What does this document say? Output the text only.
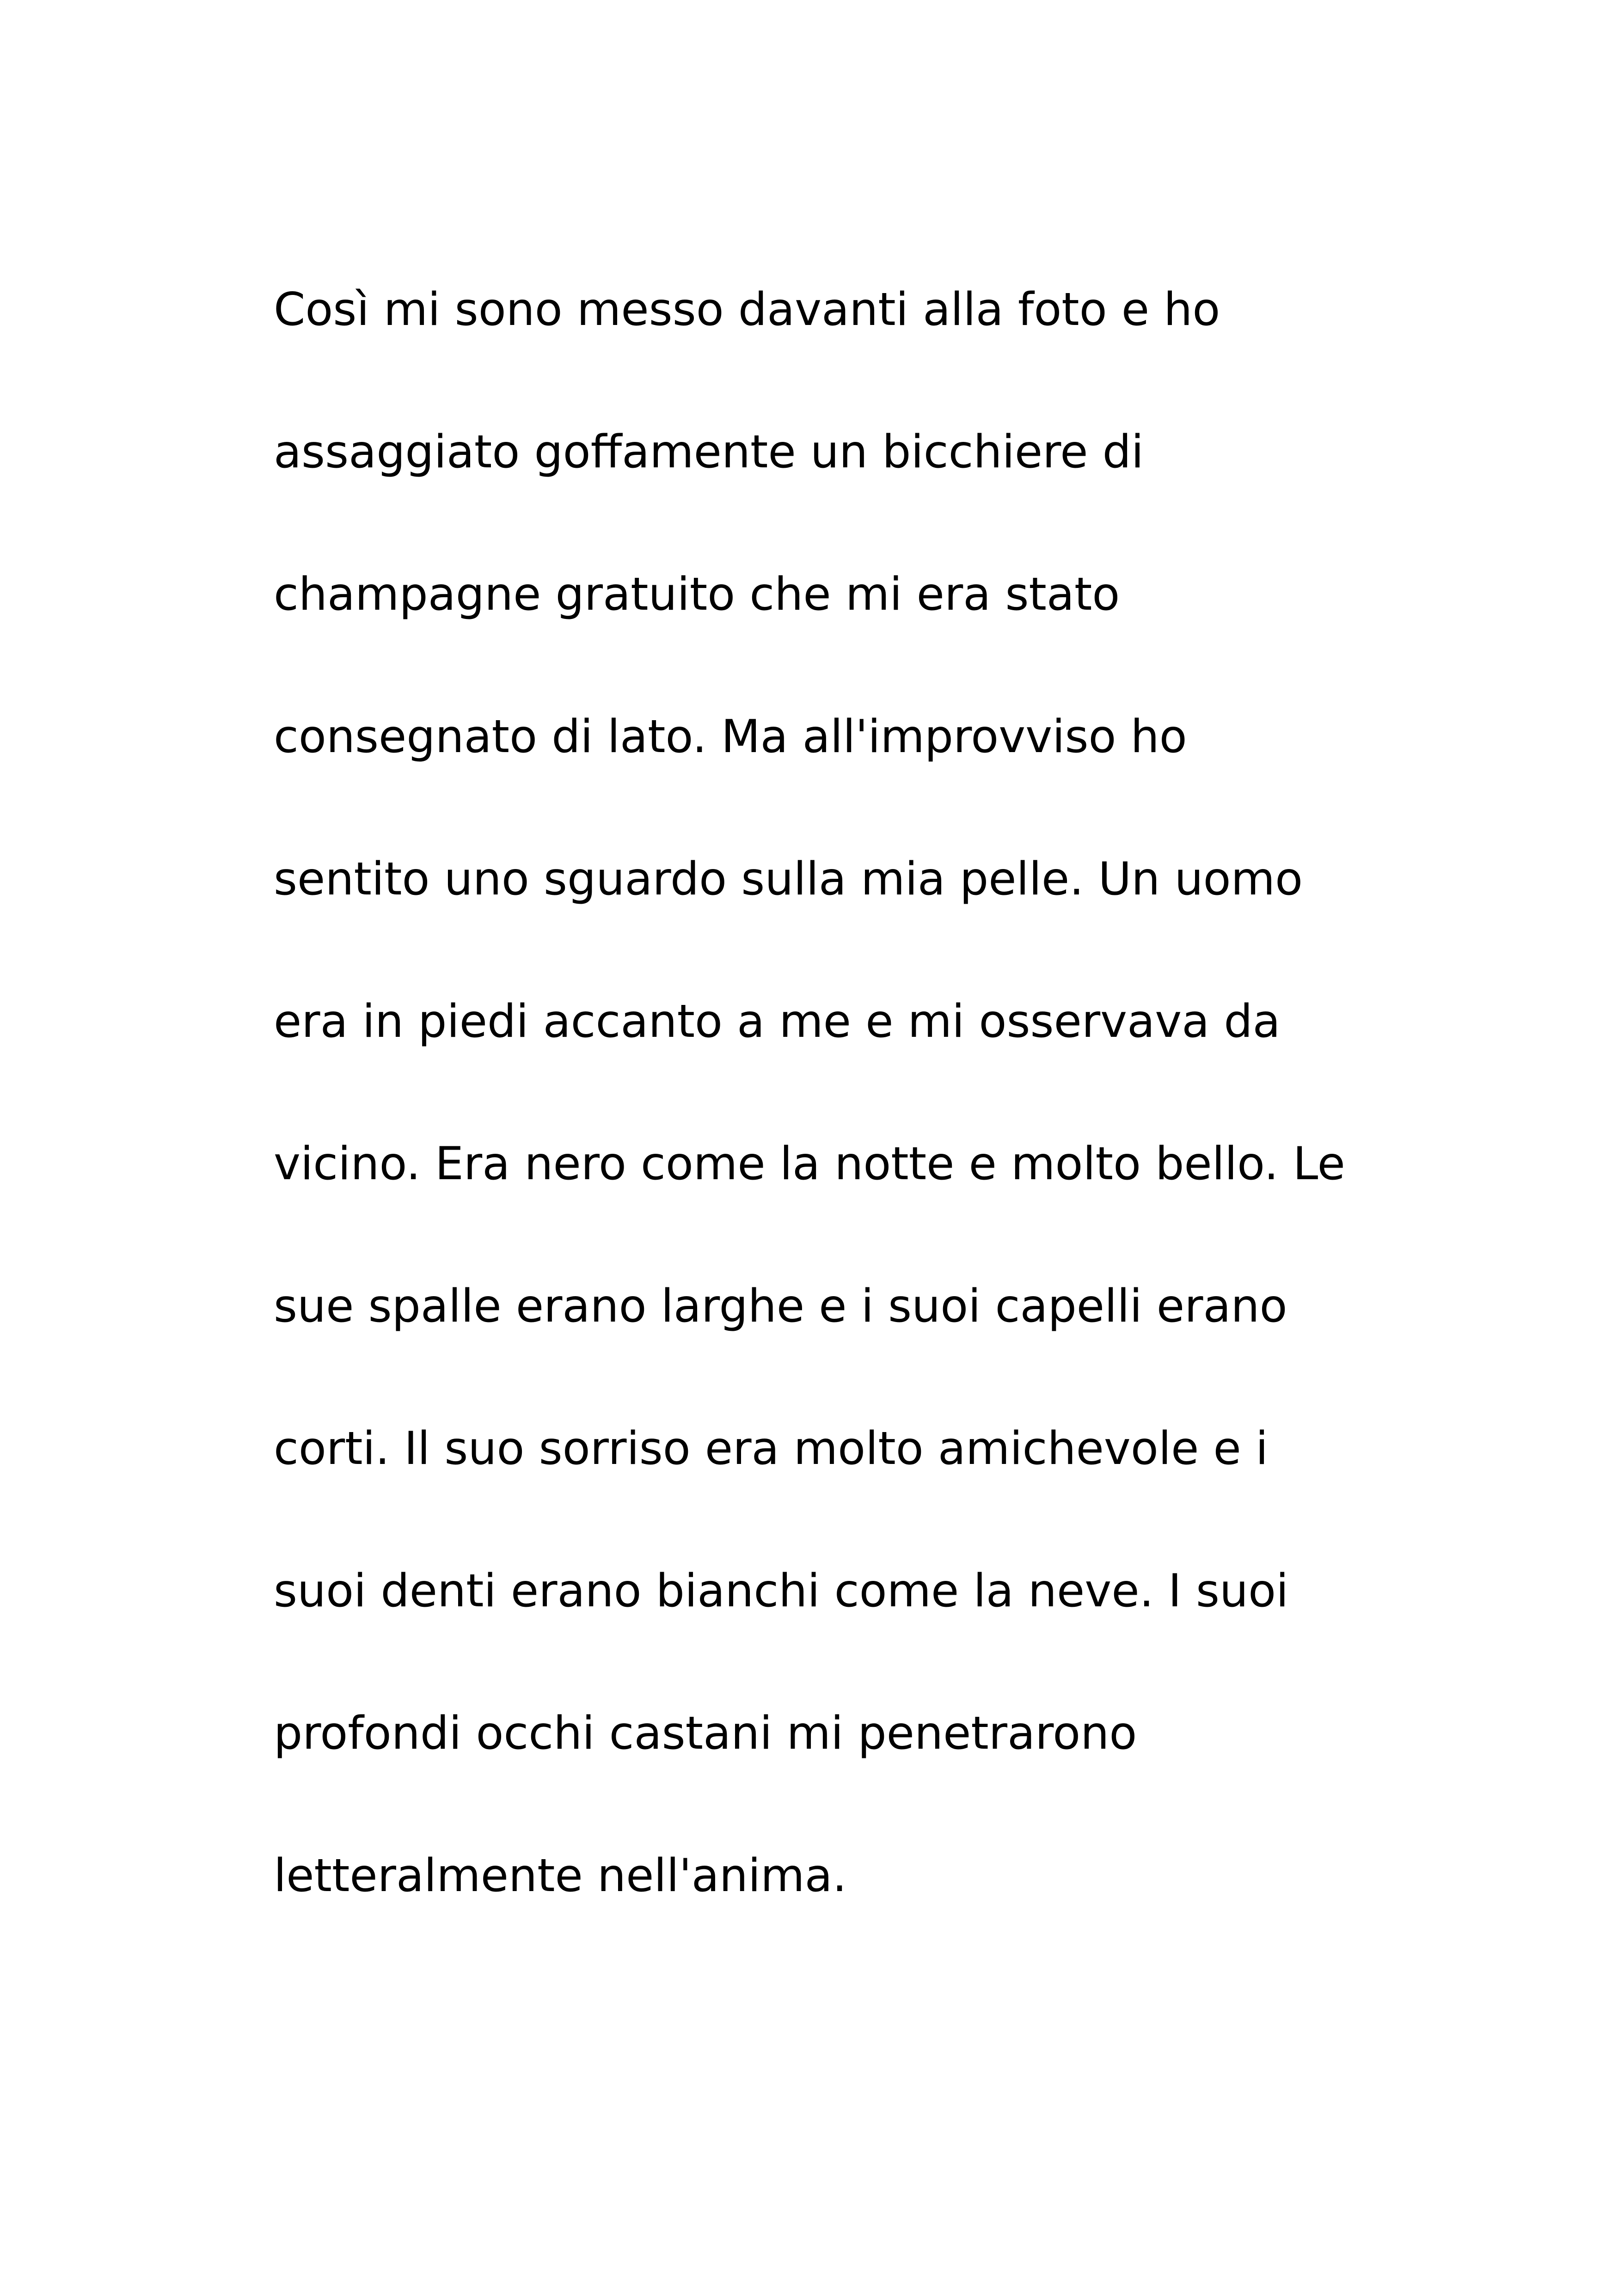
Così mi sono messo davanti alla foto e ho
assaggiato goffamente un bicchiere di
champagne gratuito che mi era stato
consegnato di lato. Ma all'improvviso ho
sentito uno sguardo sulla mia pelle. Un uomo
era in piedi accanto a me e mi osservava da
vicino. Era nero come la notte e molto bello. Le
sue spalle erano larghe e i suoi capelli erano
corti. Il suo sorriso era molto amichevole e i
suoi denti erano bianchi come la neve. I suoi
profondi occhi castani mi penetrarono
letteralmente nell'anima.
